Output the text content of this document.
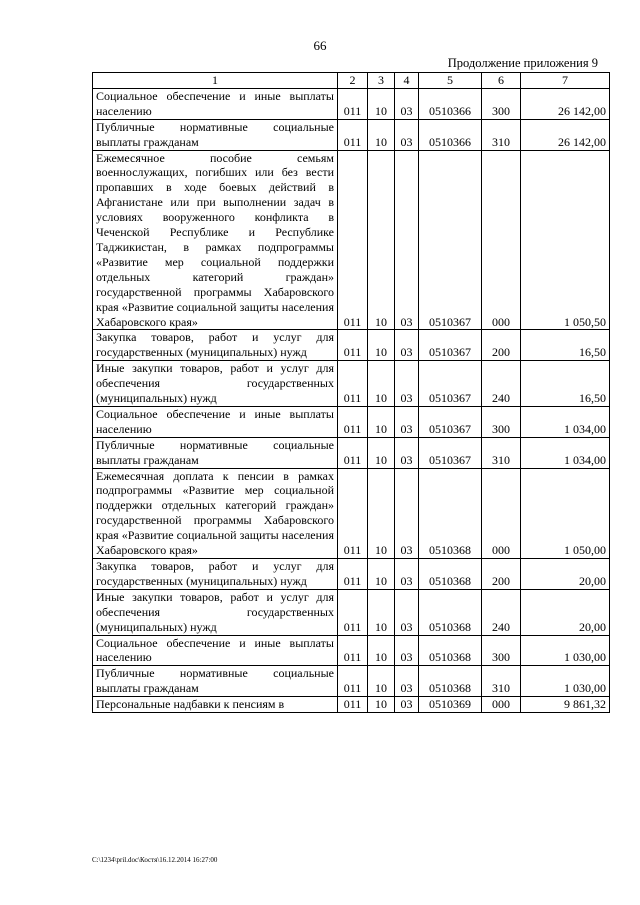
66
Продолжение приложения 9
1	2	3	4	5	6	7
Социальное обеспечение и иные выплаты населению	011	10	03	0510366	300	26 142,00
Публичные нормативные социальные выплаты гражданам	011	10	03	0510366	310	26 142,00
Ежемесячное пособие семьям военнослужащих, погибших или без вести пропавших в ходе боевых действий в Афганистане или при выполнении задач в условиях вооруженного конфликта в Чеченской Республике и Республике Таджикистан, в рамках подпрограммы «Развитие мер социальной поддержки отдельных категорий граждан» государственной программы Хабаровского края «Развитие социальной защиты населения Хабаровского края»	011	10	03	0510367	000	1 050,50
Закупка товаров, работ и услуг для государственных (муниципальных) нужд	011	10	03	0510367	200	16,50
Иные закупки товаров, работ и услуг для обеспечения государственных (муниципальных) нужд	011	10	03	0510367	240	16,50
Социальное обеспечение и иные выплаты населению	011	10	03	0510367	300	1 034,00
Публичные нормативные социальные выплаты гражданам	011	10	03	0510367	310	1 034,00
Ежемесячная доплата к пенсии в рамках подпрограммы «Развитие мер социальной поддержки отдельных категорий граждан» государственной программы Хабаровского края «Развитие социальной защиты населения Хабаровского края»	011	10	03	0510368	000	1 050,00
Закупка товаров, работ и услуг для государственных (муниципальных) нужд	011	10	03	0510368	200	20,00
Иные закупки товаров, работ и услуг для обеспечения государственных (муниципальных) нужд	011	10	03	0510368	240	20,00
Социальное обеспечение и иные выплаты населению	011	10	03	0510368	300	1 030,00
Публичные нормативные социальные выплаты гражданам	011	10	03	0510368	310	1 030,00
Персональные надбавки к пенсиям в	011	10	03	0510369	000	9 861,32
C:\1234\pril.doc\Костя\16.12.2014 16:27:00
